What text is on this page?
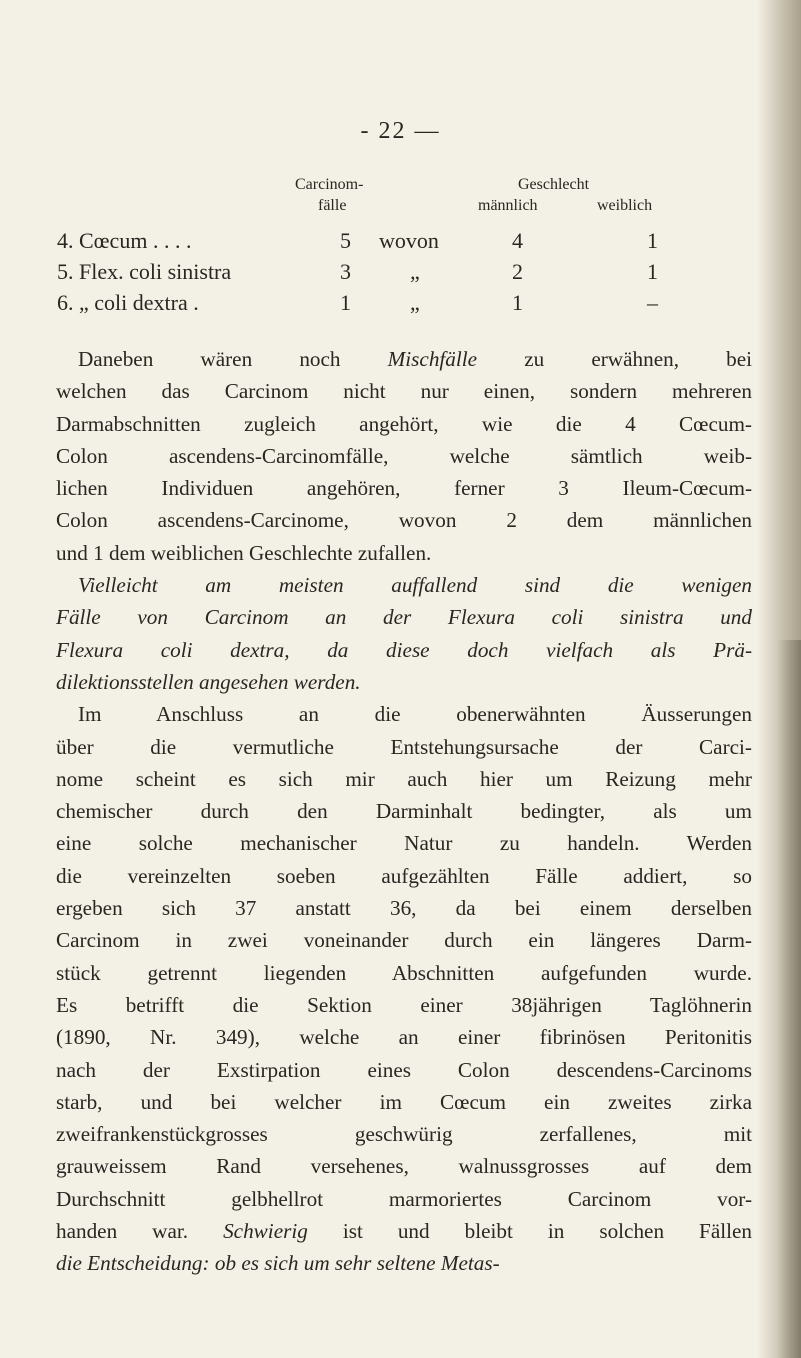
- 22 —
Carcinom-
fälle
Geschlecht
männlich	weiblich
4. Cœcum . . . .	5 wovon	4	1
5. Flex. coli sinistra	3	„	2	1
6. „ coli dextra .	1	„	1	–
Daneben wären noch Mischfälle zu erwähnen, bei
welchen das Carcinom nicht nur einen, sondern mehreren
Darmabschnitten zugleich angehört, wie die 4 Cœcum-
Colon ascendens-Carcinomfälle, welche sämtlich weib-
lichen Individuen angehören, ferner 3 Ileum-Cœcum-
Colon ascendens-Carcinome, wovon 2 dem männlichen
und 1 dem weiblichen Geschlechte zufallen.
Vielleicht am meisten auffallend sind die wenigen
Fälle von Carcinom an der Flexura coli sinistra und
Flexura coli dextra, da diese doch vielfach als Prä-
dilektionsstellen angesehen werden.
Im Anschluss an die obenerwähnten Äusserungen
über die vermutliche Entstehungsursache der Carci-
nome scheint es sich mir auch hier um Reizung mehr
chemischer durch den Darminhalt bedingter, als um
eine solche mechanischer Natur zu handeln. Werden
die vereinzelten soeben aufgezählten Fälle addiert, so
ergeben sich 37 anstatt 36, da bei einem derselben
Carcinom in zwei voneinander durch ein längeres Darm-
stück getrennt liegenden Abschnitten aufgefunden wurde.
Es betrifft die Sektion einer 38jährigen Taglöhnerin
(1890, Nr. 349), welche an einer fibrinösen Peritonitis
nach der Exstirpation eines Colon descendens-Carcinoms
starb, und bei welcher im Cœcum ein zweites zirka
zweifrankenstückgrosses geschwürig zerfallenes, mit
grauweissem Rand versehenes, walnussgrosses auf dem
Durchschnitt gelbhellrot marmoriertes Carcinom vor-
handen war. Schwierig ist und bleibt in solchen Fällen
die Entscheidung: ob es sich um sehr seltene Metas-
